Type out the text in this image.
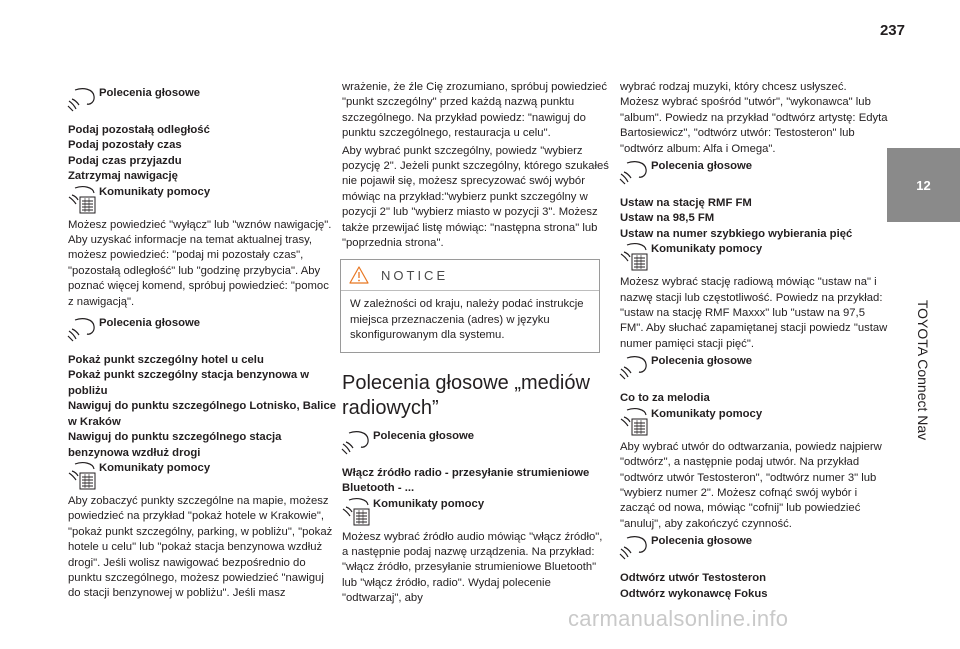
237
12
TOYOTA Connect Nav
Polecenia głosowe
Podaj pozostałą odległość
Podaj pozostały czas
Podaj czas przyjazdu
Zatrzymaj nawigację
Komunikaty pomocy

Możesz powiedzieć "wyłącz" lub "wznów nawigację". Aby uzyskać informacje na temat aktualnej trasy, możesz powiedzieć: "podaj mi pozostały czas", "pozostałą odległość" lub "godzinę przybycia". Aby poznać więcej komend, spróbuj powiedzieć: "pomoc z nawigacją".

Polecenia głosowe
Pokaż punkt szczególny hotel u celu
Pokaż punkt szczególny stacja benzynowa w pobliżu
Nawiguj do punktu szczególnego Lotnisko, Balice w Kraków
Nawiguj do punktu szczególnego stacja benzynowa wzdłuż drogi
Komunikaty pomocy

Aby zobaczyć punkty szczególne na mapie, możesz powiedzieć na przykład "pokaż hotele w Krakowie", "pokaż punkt szczególny, parking, w pobliżu", "pokaż hotele u celu" lub "pokaż stacja benzynowa wzdłuż drogi". Jeśli wolisz nawigować bezpośrednio do punktu szczególnego, możesz powiedzieć "nawiguj do stacji benzynowej w pobliżu". Jeśli masz

wrażenie, że źle Cię zrozumiano, spróbuj powiedzieć "punkt szczególny" przed każdą nazwą punktu szczególnego. Na przykład powiedz: "nawiguj do punktu szczególnego, restauracja u celu".

Aby wybrać punkt szczególny, powiedz "wybierz pozycję 2". Jeżeli punkt szczególny, którego szukałeś nie pojawił się, możesz sprecyzować swój wybór mówiąc na przykład:"wybierz punkt szczególny w pozycji 2" lub "wybierz miasto w pozycji 3". Możesz także przewijać listę mówiąc: "następna strona" lub "poprzednia strona".

NOTICE
W zależności od kraju, należy podać instrukcje miejsca przeznaczenia (adres) w języku skonfigurowanym dla systemu.
Polecenia głosowe „mediów radiowych”
Polecenia głosowe
Włącz źródło radio - przesyłanie strumieniowe Bluetooth - ...
Komunikaty pomocy

Możesz wybrać źródło audio mówiąc "włącz źródło", a następnie podaj nazwę urządzenia. Na przykład: "włącz źródło, przesyłanie strumieniowe Bluetooth" lub "włącz źródło, radio". Wydaj polecenie "odtwarzaj", aby

wybrać rodzaj muzyki, który chcesz usłyszeć. Możesz wybrać spośród "utwór", "wykonawca" lub "album". Powiedz na przykład "odtwórz artystę: Edyta Bartosiewicz", "odtwórz utwór: Testosteron" lub "odtwórz album: Alfa i Omega".

Polecenia głosowe
Ustaw na stację RMF FM
Ustaw na 98,5 FM
Ustaw na numer szybkiego wybierania pięć
Komunikaty pomocy

Możesz wybrać stację radiową mówiąc "ustaw na" i nazwę stacji lub częstotliwość. Powiedz na przykład: "ustaw na stację RMF Maxxx" lub "ustaw na 97,5 FM". Aby słuchać zapamiętanej stacji powiedz "ustaw numer pamięci stacji pięć".

Polecenia głosowe
Co to za melodia
Komunikaty pomocy

Aby wybrać utwór do odtwarzania, powiedz najpierw "odtwórz", a następnie podaj utwór. Na przykład "odtwórz utwór Testosteron", "odtwórz numer 3" lub "wybierz numer 2". Możesz cofnąć swój wybór i zacząć od nowa, mówiąc "cofnij" lub powiedzieć "anuluj", aby zakończyć czynność.

Polecenia głosowe
Odtwórz utwór Testosteron
Odtwórz wykonawcę Fokus
carmanualsonline.info
